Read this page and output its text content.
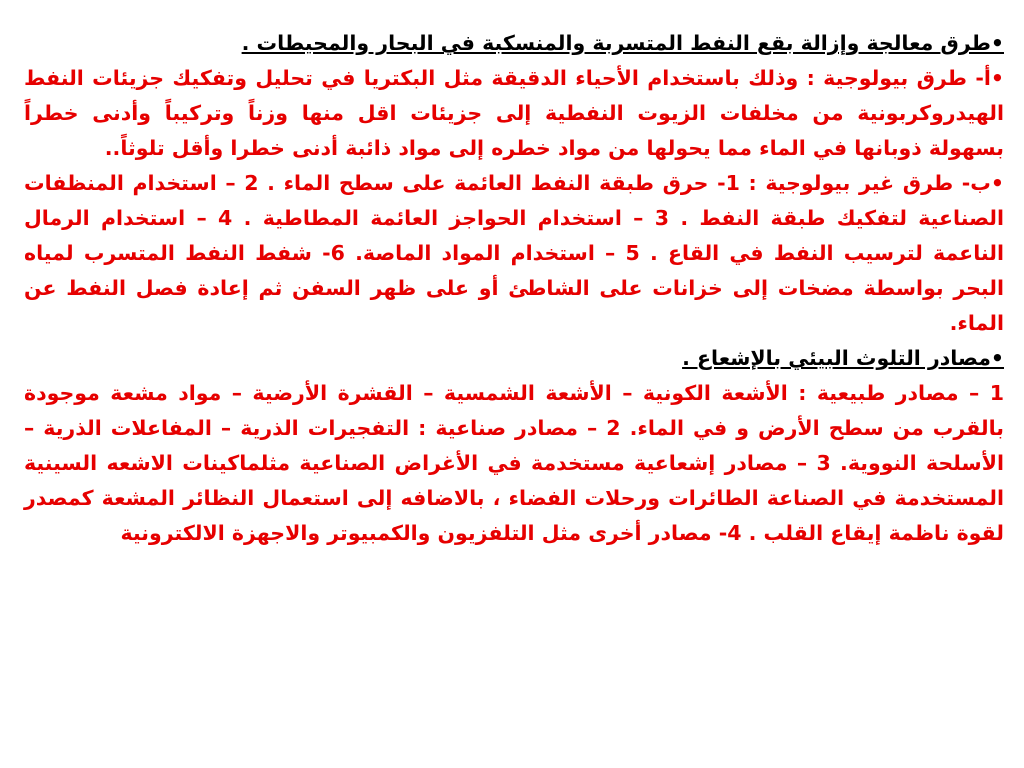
•طرق معالجة وإزالة بقع النفط المتسربة والمنسكبة في البحار والمحيطات .

•أ- طرق بيولوجية : وذلك باستخدام الأحياء الدقيقة مثل البكتريا في تحليل وتفكيك جزيئات النفط الهيدروكربونية من مخلفات الزيوت النفطية إلى جزيئات اقل منها وزناً وتركيباً وأدنى خطراً بسهولة ذوبانها في الماء مما يحولها من مواد خطره إلى مواد ذائبة أدنى خطرا وأقل تلوثاً..

•ب- طرق غير بيولوجية : 1- حرق طبقة النفط العائمة على سطح الماء . 2 – استخدام المنظفات الصناعية لتفكيك طبقة النفط . 3 – استخدام الحواجز العائمة المطاطية . 4 – استخدام الرمال الناعمة لترسيب النفط في القاع . 5 – استخدام المواد الماصة. 6- شفط النفط المتسرب لمياه البحر بواسطة مضخات إلى خزانات على الشاطئ أو على ظهر السفن ثم إعادة فصل النفط عن الماء.

•مصادر التلوث البيئي بالإشعاع .

1 – مصادر طبيعية : الأشعة الكونية – الأشعة الشمسية – القشرة الأرضية – مواد مشعة موجودة بالقرب من سطح الأرض و في الماء. 2 – مصادر صناعية : التفجيرات الذرية – المفاعلات الذرية – الأسلحة النووية. 3 – مصادر إشعاعية مستخدمة في الأغراض الصناعية مثلماكينات الاشعه السينية المستخدمة في الصناعة الطائرات ورحلات الفضاء ، بالاضافه إلى استعمال النظائر المشعة كمصدر لقوة ناظمة إيقاع القلب . 4- مصادر أخرى مثل التلفزيون والكمبيوتر والاجهزة الالكترونية
